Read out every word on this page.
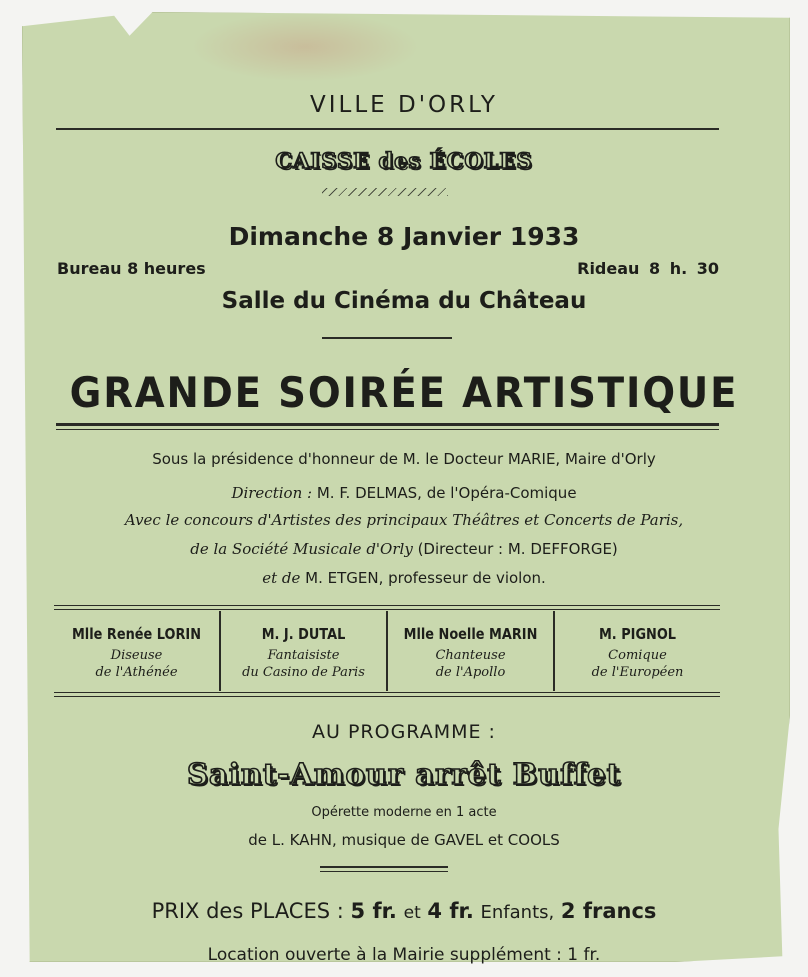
VILLE D'ORLY
CAISSE des ÉCOLES
Dimanche 8 Janvier 1933
Bureau 8 heures	Rideau 8 h. 30
Salle du Cinéma du Château
GRANDE SOIRÉE ARTISTIQUE
Sous la présidence d'honneur de M. le Docteur MARIE, Maire d'Orly
Direction : M. F. DELMAS, de l'Opéra-Comique
Avec le concours d'Artistes des principaux Théâtres et Concerts de Paris,
de la Société Musicale d'Orly (Directeur : M. DEFFORGE)
et de M. ETGEN, professeur de violon.
Mlle Renée LORIN
Diseuse
de l'Athénée
M. J. DUTAL
Fantaisiste
du Casino de Paris
Mlle Noelle MARIN
Chanteuse
de l'Apollo
M. PIGNOL
Comique
de l'Européen
AU PROGRAMME :
Saint-Amour arrêt Buffet
Opérette moderne en 1 acte
de L. KAHN, musique de GAVEL et COOLS
PRIX des PLACES : 5 fr. et 4 fr. Enfants, 2 francs
Location ouverte à la Mairie supplément : 1 fr.
